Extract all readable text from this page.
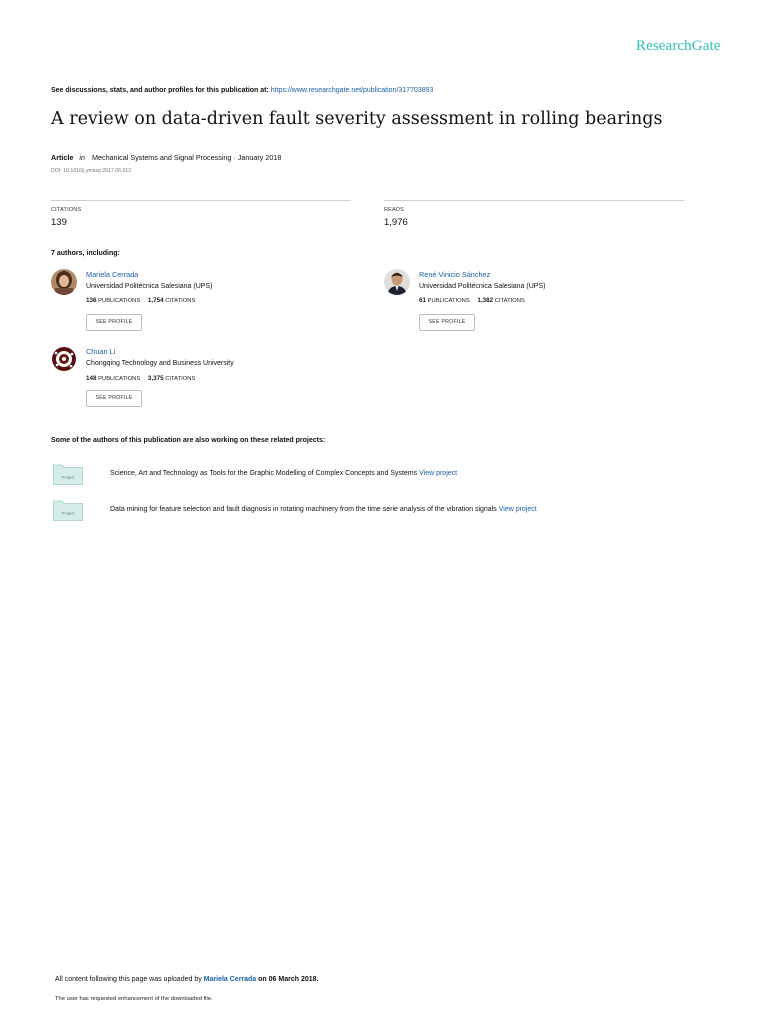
ResearchGate
See discussions, stats, and author profiles for this publication at: https://www.researchgate.net/publication/317703893
A review on data-driven fault severity assessment in rolling bearings
Article in Mechanical Systems and Signal Processing · January 2018
DOI: 10.1016/j.ymssp.2017.06.012
CITATIONS
139
READS
1,976
7 authors, including:
Mariela Cerrada
Universidad Politécnica Salesiana (UPS)
136 PUBLICATIONS 1,754 CITATIONS
SEE PROFILE
René Vinicio Sánchez
Universidad Politécnica Salesiana (UPS)
61 PUBLICATIONS 1,382 CITATIONS
SEE PROFILE
Chuan Li
Chongqing Technology and Business University
148 PUBLICATIONS 3,375 CITATIONS
SEE PROFILE
Some of the authors of this publication are also working on these related projects:
Project	Science, Art and Technology as Tools for the Graphic Modelling of Complex Concepts and Systems View project
Project	Data mining for feature selection and fault diagnosis in rotating machinery from the time serie analysis of the vibration signals View project
All content following this page was uploaded by Mariela Cerrada on 06 March 2018.
The user has requested enhancement of the downloaded file.
